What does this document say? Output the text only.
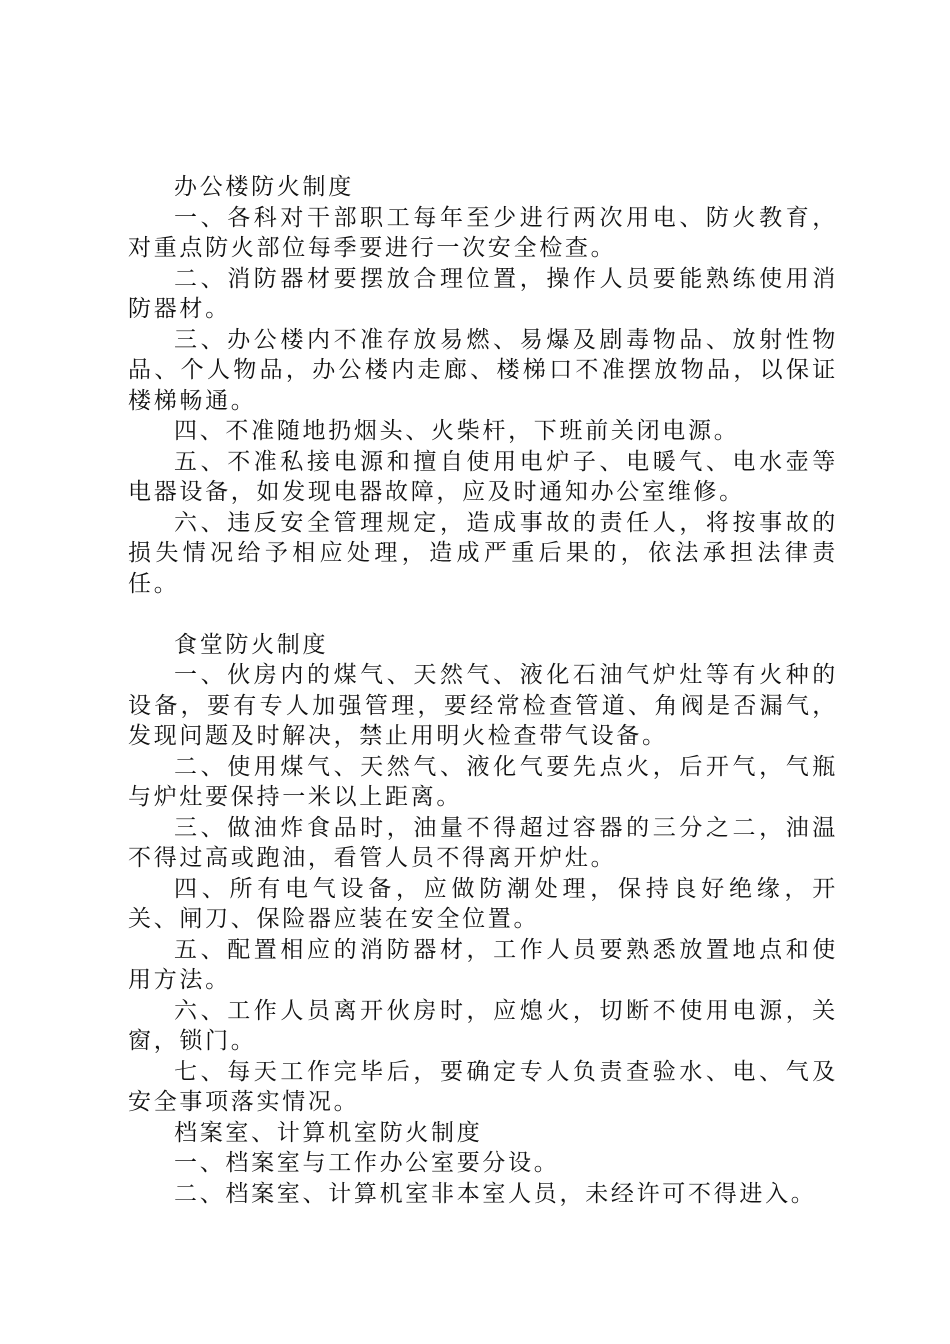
办公楼防火制度

一、各科对干部职工每年至少进行两次用电、防火教育，对重点防火部位每季要进行一次安全检查。

二、消防器材要摆放合理位置，操作人员要能熟练使用消防器材。

三、办公楼内不准存放易燃、易爆及剧毒物品、放射性物品、个人物品，办公楼内走廊、楼梯口不准摆放物品，以保证楼梯畅通。

四、不准随地扔烟头、火柴杆，下班前关闭电源。

五、不准私接电源和擅自使用电炉子、电暖气、电水壶等电器设备，如发现电器故障，应及时通知办公室维修。

六、违反安全管理规定，造成事故的责任人，将按事故的损失情况给予相应处理，造成严重后果的，依法承担法律责任。

食堂防火制度

一、伙房内的煤气、天然气、液化石油气炉灶等有火种的设备，要有专人加强管理，要经常检查管道、角阀是否漏气，发现问题及时解决，禁止用明火检查带气设备。

二、使用煤气、天然气、液化气要先点火，后开气，气瓶与炉灶要保持一米以上距离。

三、做油炸食品时，油量不得超过容器的三分之二，油温不得过高或跑油，看管人员不得离开炉灶。

四、所有电气设备，应做防潮处理，保持良好绝缘，开关、闸刀、保险器应装在安全位置。

五、配置相应的消防器材，工作人员要熟悉放置地点和使用方法。

六、工作人员离开伙房时，应熄火，切断不使用电源，关窗，锁门。

七、每天工作完毕后，要确定专人负责查验水、电、气及安全事项落实情况。

档案室、计算机室防火制度

一、档案室与工作办公室要分设。

二、档案室、计算机室非本室人员，未经许可不得进入。
